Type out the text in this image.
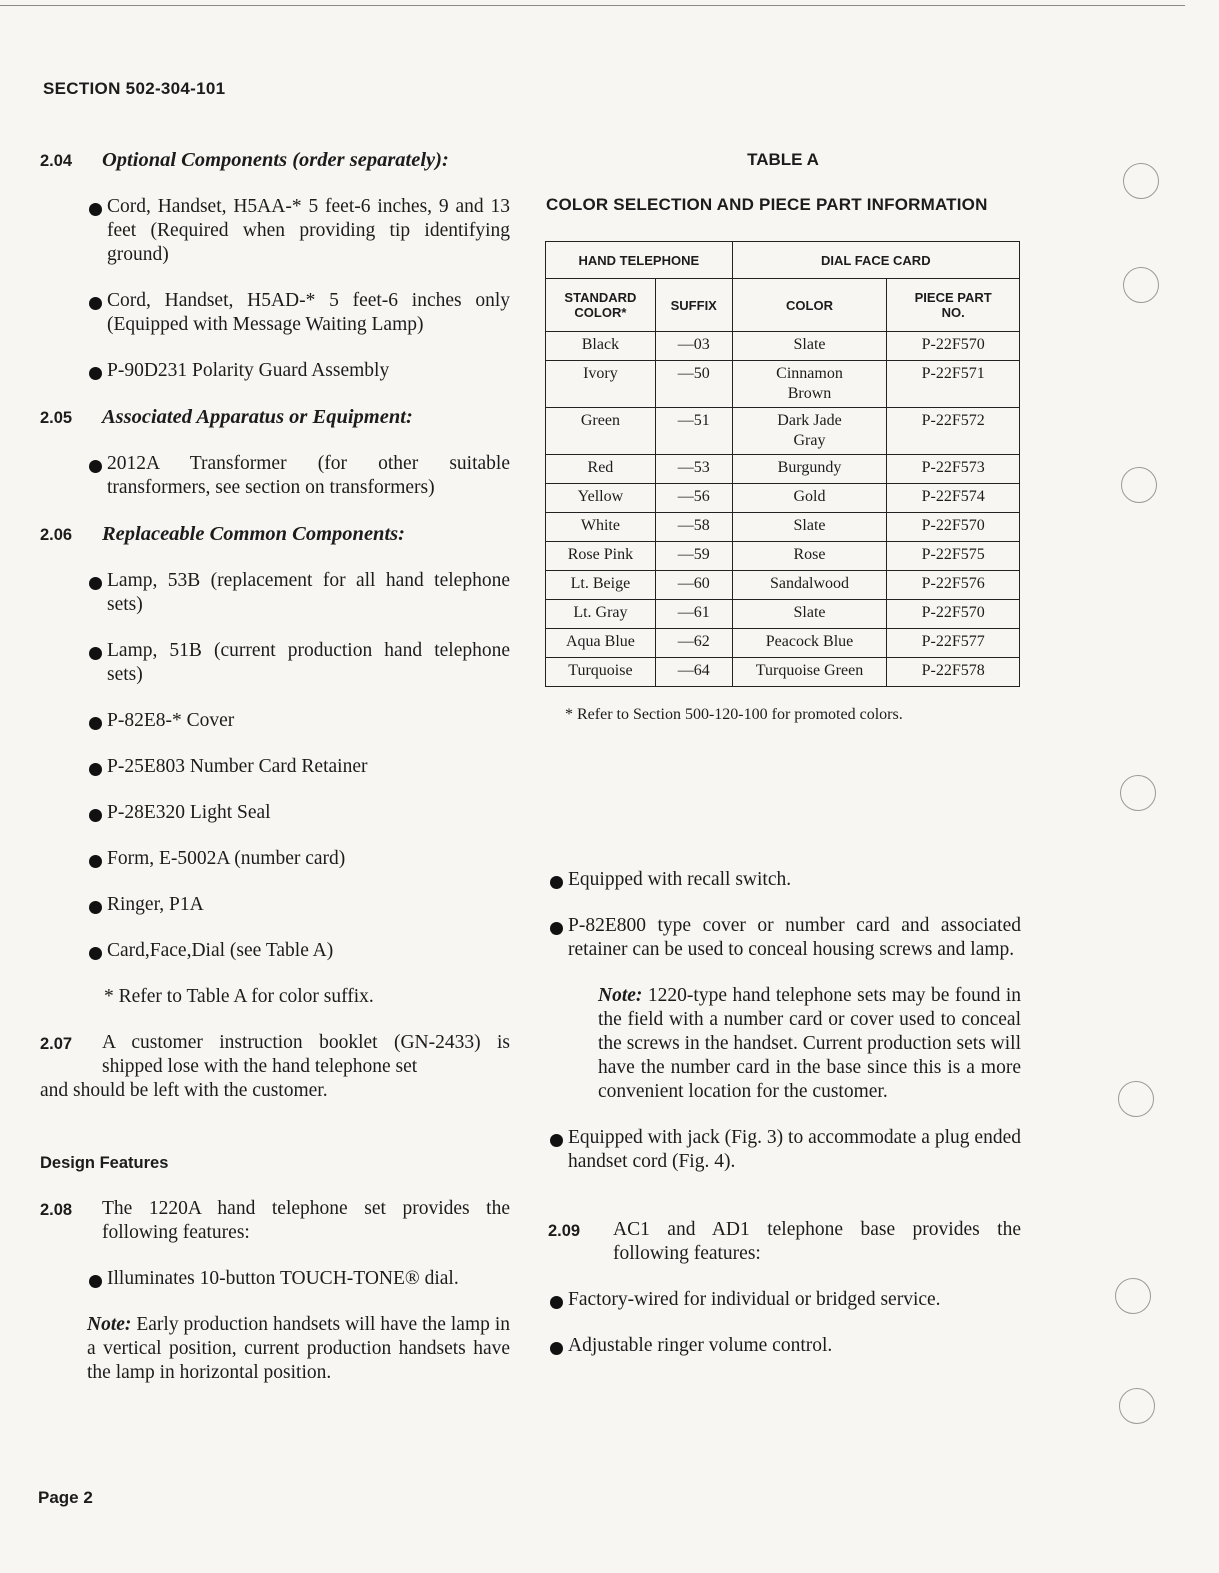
SECTION 502-304-101
2.04 Optional Components (order separately):
Cord, Handset, H5AA-* 5 feet-6 inches, 9 and 13 feet (Required when providing tip identifying ground)
Cord, Handset, H5AD-* 5 feet-6 inches only (Equipped with Message Waiting Lamp)
P-90D231 Polarity Guard Assembly
2.05 Associated Apparatus or Equipment:
2012A Transformer (for other suitable transformers, see section on transformers)
2.06 Replaceable Common Components:
Lamp, 53B (replacement for all hand telephone sets)
Lamp, 51B (current production hand telephone sets)
P-82E8-* Cover
P-25E803 Number Card Retainer
P-28E320 Light Seal
Form, E-5002A (number card)
Ringer, P1A
Card,Face,Dial (see Table A)
* Refer to Table A for color suffix.
2.07	A customer instruction booklet (GN-2433) is shipped lose with the hand telephone set
and should be left with the customer.
Design Features
2.08 The 1220A hand telephone set provides the following features:
Illuminates 10-button TOUCH-TONE® dial.
Note: Early production handsets will have the lamp in a vertical position, current production handsets have the lamp in horizontal position.
TABLE A
COLOR SELECTION AND PIECE PART INFORMATION
HAND TELEPHONE		DIAL FACE CARD	
STANDARD COLOR*	SUFFIX	COLOR	PIECE PART NO.
Black	—03	Slate	P-22F570
Ivory	—50	Cinnamon Brown	P-22F571
Green	—51	Dark Jade Gray	P-22F572
Red	—53	Burgundy	P-22F573
Yellow	—56	Gold	P-22F574
White	—58	Slate	P-22F570
Rose Pink	—59	Rose	P-22F575
Lt. Beige	—60	Sandalwood	P-22F576
Lt. Gray	—61	Slate	P-22F570
Aqua Blue	—62	Peacock Blue	P-22F577
Turquoise	—64	Turquoise Green	P-22F578
* Refer to Section 500-120-100 for promoted colors.
Equipped with recall switch.
P-82E800 type cover or number card and associated retainer can be used to conceal housing screws and lamp.
Note: 1220-type hand telephone sets may be found in the field with a number card or cover used to conceal the screws in the handset. Current production sets will have the number card in the base since this is a more convenient location for the customer.
Equipped with jack (Fig. 3) to accommodate a plug ended handset cord (Fig. 4).
2.09 AC1 and AD1 telephone base provides the following features:
Factory-wired for individual or bridged service.
Adjustable ringer volume control.
Page 2
